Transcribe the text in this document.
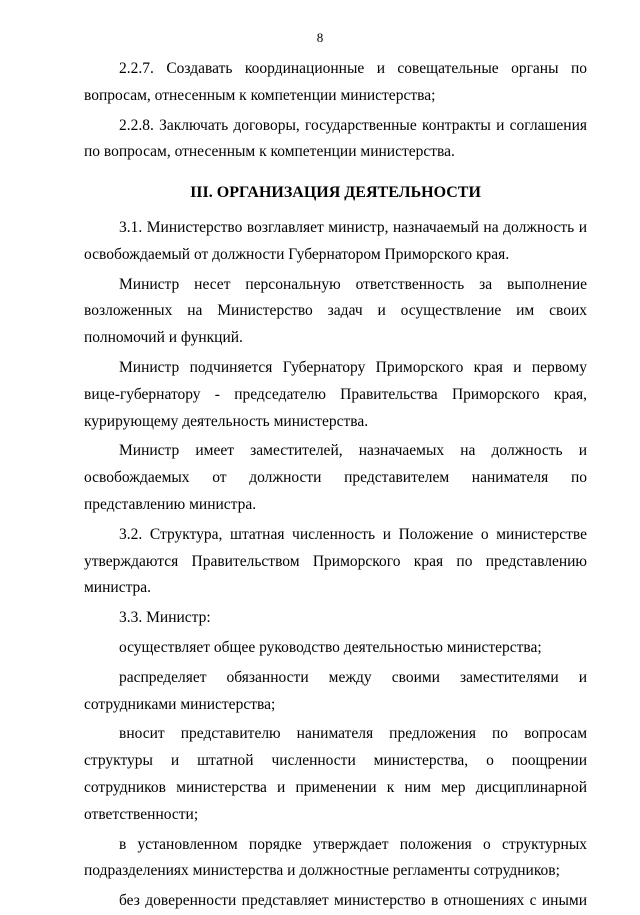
8

2.2.7. Создавать координационные и совещательные органы по вопросам, отнесенным к компетенции министерства;

2.2.8. Заключать договоры, государственные контракты и соглашения по вопросам, отнесенным к компетенции министерства.

III. ОРГАНИЗАЦИЯ ДЕЯТЕЛЬНОСТИ

3.1. Министерство возглавляет министр, назначаемый на должность и освобождаемый от должности Губернатором Приморского края.

Министр несет персональную ответственность за выполнение возложенных на Министерство задач и осуществление им своих полномочий и функций.

Министр подчиняется Губернатору Приморского края и первому вице-губернатору - председателю Правительства Приморского края, курирующему деятельность министерства.

Министр имеет заместителей, назначаемых на должность и освобождаемых от должности представителем нанимателя по представлению министра.

3.2. Структура, штатная численность и Положение о министерстве утверждаются Правительством Приморского края по представлению министра.

3.3. Министр:

осуществляет общее руководство деятельностью министерства;

распределяет обязанности между своими заместителями и сотрудниками министерства;

вносит представителю нанимателя предложения по вопросам структуры и штатной численности министерства, о поощрении сотрудников министерства и применении к ним мер дисциплинарной ответственности;

в установленном порядке утверждает положения о структурных подразделениях министерства и должностные регламенты сотрудников;

без доверенности представляет министерство в отношениях с иными
